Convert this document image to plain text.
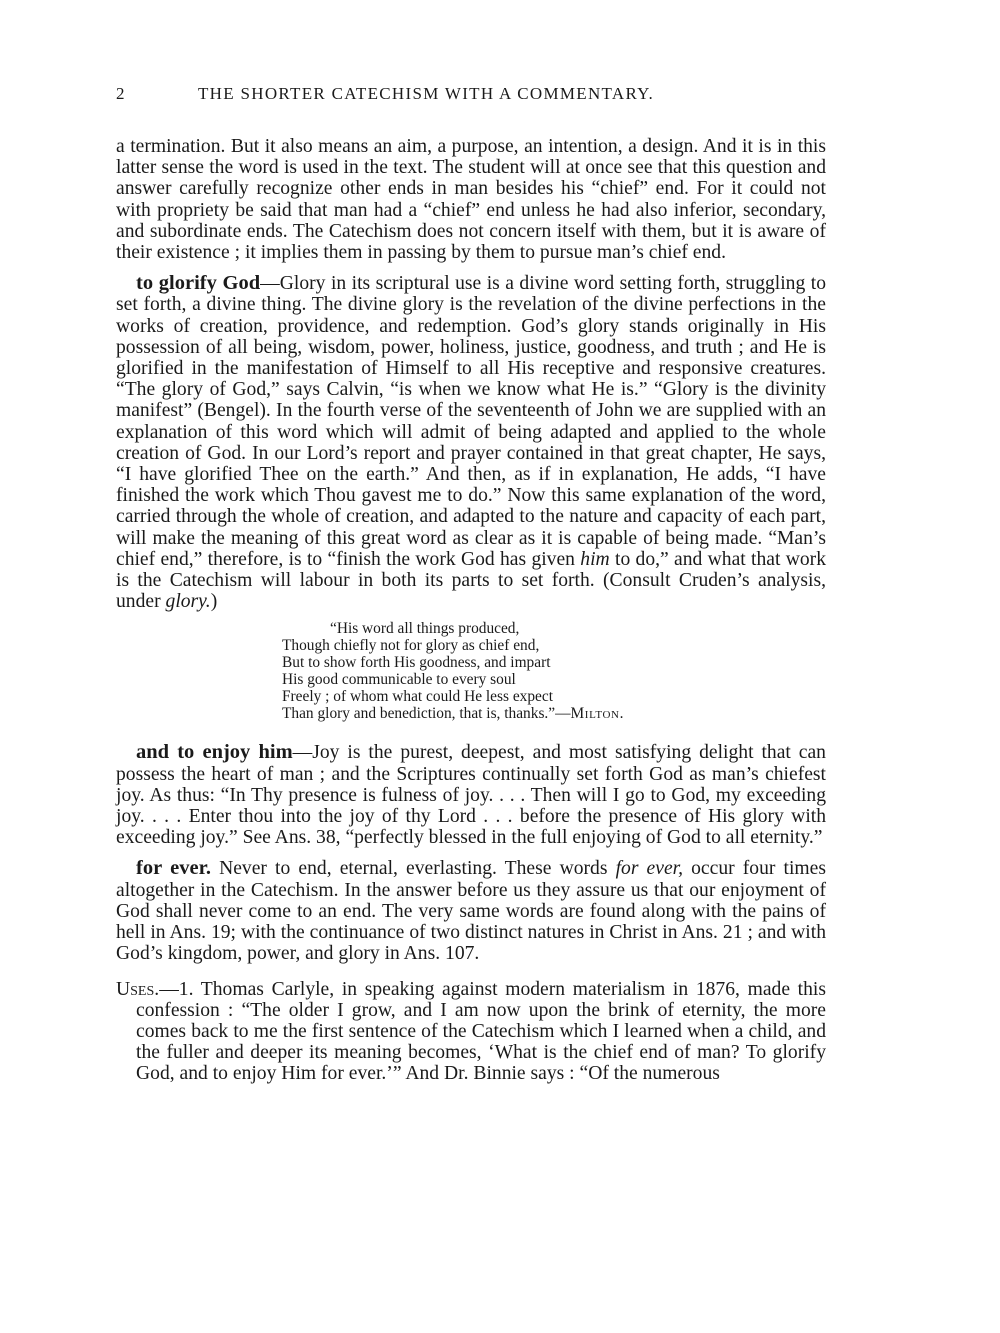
2	THE SHORTER CATECHISM WITH A COMMENTARY.

a termination. But it also means an aim, a purpose, an intention, a design. And it is in this latter sense the word is used in the text. The student will at once see that this question and answer carefully recognize other ends in man besides his “chief” end. For it could not with propriety be said that man had a “chief” end unless he had also inferior, secondary, and subordinate ends. The Catechism does not concern itself with them, but it is aware of their existence ; it implies them in passing by them to pursue man’s chief end.

to glorify God—Glory in its scriptural use is a divine word setting forth, struggling to set forth, a divine thing. The divine glory is the revelation of the divine perfections in the works of creation, providence, and redemption. God’s glory stands originally in His possession of all being, wisdom, power, holiness, justice, goodness, and truth ; and He is glorified in the manifestation of Himself to all His receptive and responsive creatures. “The glory of God,” says Calvin, “is when we know what He is.” “Glory is the divinity manifest” (Bengel). In the fourth verse of the seventeenth of John we are supplied with an explanation of this word which will admit of being adapted and applied to the whole creation of God. In our Lord’s report and prayer contained in that great chapter, He says, “I have glorified Thee on the earth.” And then, as if in explanation, He adds, “I have finished the work which Thou gavest me to do.” Now this same explanation of the word, carried through the whole of creation, and adapted to the nature and capacity of each part, will make the meaning of this great word as clear as it is capable of being made. “Man’s chief end,” therefore, is to “finish the work God has given him to do,” and what that work is the Catechism will labour in both its parts to set forth. (Consult Cruden’s analysis, under glory.)

“His word all things produced,
Though chiefly not for glory as chief end,
But to show forth His goodness, and impart
His good communicable to every soul
Freely ; of whom what could He less expect
Than glory and benediction, that is, thanks.”—Milton.

and to enjoy him—Joy is the purest, deepest, and most satisfying delight that can possess the heart of man ; and the Scriptures continually set forth God as man’s chiefest joy. As thus: “In Thy presence is fulness of joy. . . . Then will I go to God, my exceeding joy. . . . Enter thou into the joy of thy Lord . . . before the presence of His glory with exceeding joy.” See Ans. 38, “perfectly blessed in the full enjoying of God to all eternity.”

for ever. Never to end, eternal, everlasting. These words for ever, occur four times altogether in the Catechism. In the answer before us they assure us that our enjoyment of God shall never come to an end. The very same words are found along with the pains of hell in Ans. 19; with the continuance of two distinct natures in Christ in Ans. 21 ; and with God’s kingdom, power, and glory in Ans. 107.

Uses.—1. Thomas Carlyle, in speaking against modern materialism in 1876, made this confession : “The older I grow, and I am now upon the brink of eternity, the more comes back to me the first sentence of the Catechism which I learned when a child, and the fuller and deeper its meaning becomes, ‘What is the chief end of man? To glorify God, and to enjoy Him for ever.’” And Dr. Binnie says : “Of the numerous
